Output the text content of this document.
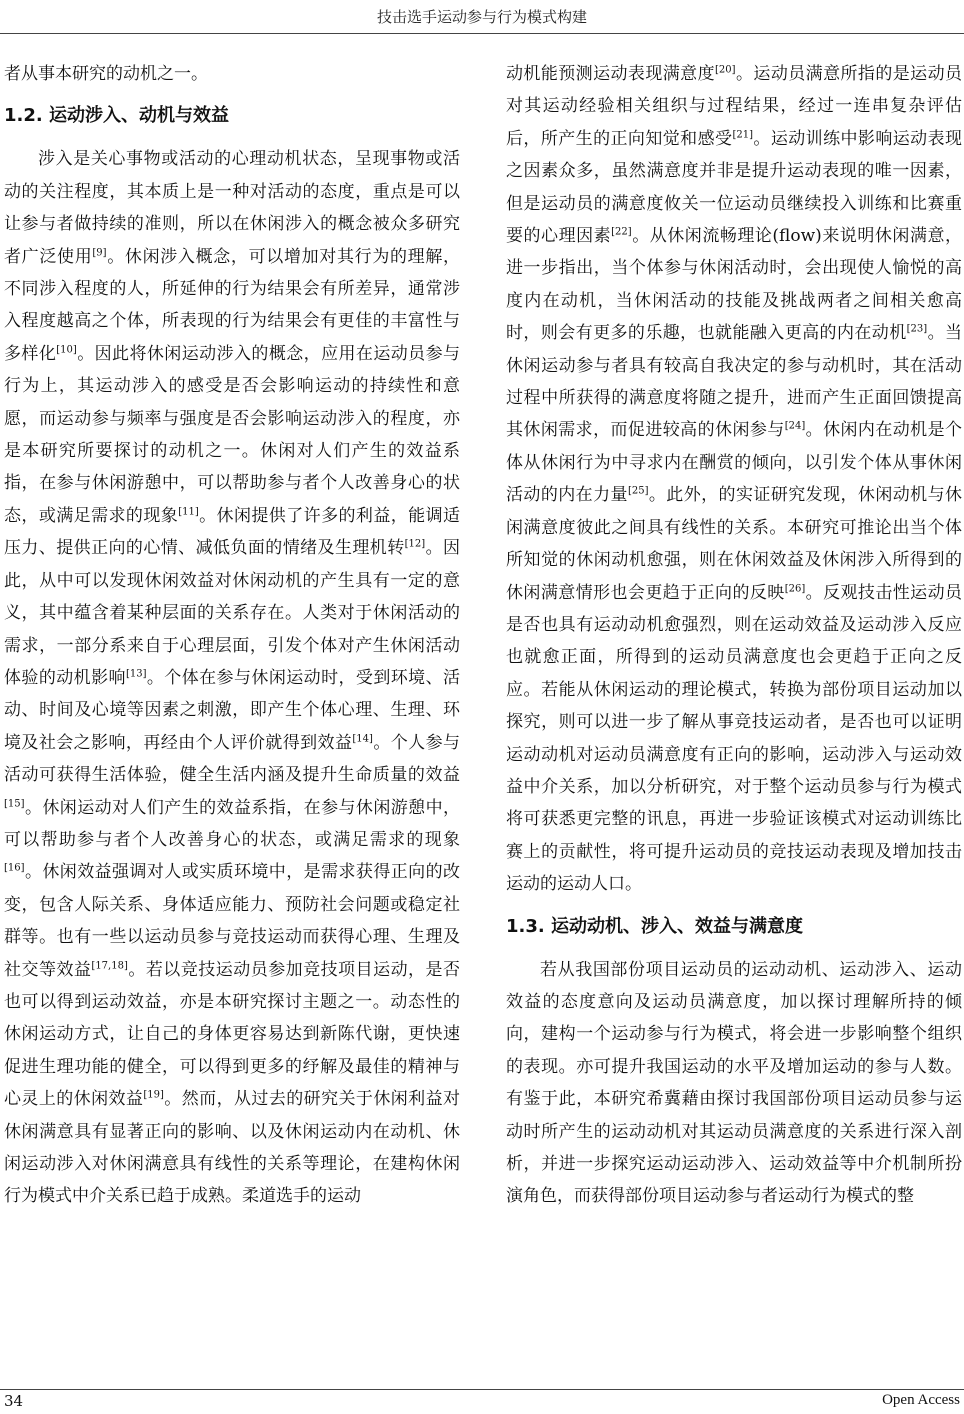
技击选手运动参与行为模式构建

者从事本研究的动机之一。

1.2. 运动涉入、动机与效益

涉入是关心事物或活动的心理动机状态，呈现事物或活动的关注程度，其本质上是一种对活动的态度，重点是可以让参与者做持续的准则，所以在休闲涉入的概念被众多研究者广泛使用[9]。休闲涉入概念，可以增加对其行为的理解，不同涉入程度的人，所延伸的行为结果会有所差异，通常涉入程度越高之个体，所表现的行为结果会有更佳的丰富性与多样化[10]。因此将休闲运动涉入的概念，应用在运动员参与行为上，其运动涉入的感受是否会影响运动的持续性和意愿，而运动参与频率与强度是否会影响运动涉入的程度，亦是本研究所要探讨的动机之一。休闲对人们产生的效益系指，在参与休闲游憩中，可以帮助参与者个人改善身心的状态，或满足需求的现象[11]。休闲提供了许多的利益，能调适压力、提供正向的心情、减低负面的情绪及生理机转[12]。因此，从中可以发现休闲效益对休闲动机的产生具有一定的意义，其中蕴含着某种层面的关系存在。人类对于休闲活动的需求，一部分系来自于心理层面，引发个体对产生休闲活动体验的动机影响[13]。个体在参与休闲运动时，受到环境、活动、时间及心境等因素之刺激，即产生个体心理、生理、环境及社会之影响，再经由个人评价就得到效益[14]。个人参与活动可获得生活体验，健全生活内涵及提升生命质量的效益[15]。休闲运动对人们产生的效益系指，在参与休闲游憩中，可以帮助参与者个人改善身心的状态，或满足需求的现象[16]。休闲效益强调对人或实质环境中，是需求获得正向的改变，包含人际关系、身体适应能力、预防社会问题或稳定社群等。也有一些以运动员参与竞技运动而获得心理、生理及社交等效益[17,18]。若以竞技运动员参加竞技项目运动，是否也可以得到运动效益，亦是本研究探讨主题之一。动态性的休闲运动方式，让自己的身体更容易达到新陈代谢，更快速促进生理功能的健全，可以得到更多的纾解及最佳的精神与心灵上的休闲效益[19]。然而，从过去的研究关于休闲利益对休闲满意具有显著正向的影响、以及休闲运动内在动机、休闲运动涉入对休闲满意具有线性的关系等理论，在建构休闲行为模式中介关系已趋于成熟。柔道选手的运动

动机能预测运动表现满意度[20]。运动员满意所指的是运动员对其运动经验相关组织与过程结果，经过一连串复杂评估后，所产生的正向知觉和感受[21]。运动训练中影响运动表现之因素众多，虽然满意度并非是提升运动表现的唯一因素，但是运动员的满意度攸关一位运动员继续投入训练和比赛重要的心理因素[22]。从休闲流畅理论(flow)来说明休闲满意，进一步指出，当个体参与休闲活动时，会出现使人愉悦的高度内在动机，当休闲活动的技能及挑战两者之间相关愈高时，则会有更多的乐趣，也就能融入更高的内在动机[23]。当休闲运动参与者具有较高自我决定的参与动机时，其在活动过程中所获得的满意度将随之提升，进而产生正面回馈提高其休闲需求，而促进较高的休闲参与[24]。休闲内在动机是个体从休闲行为中寻求内在酬赏的倾向，以引发个体从事休闲活动的内在力量[25]。此外，的实证研究发现，休闲动机与休闲满意度彼此之间具有线性的关系。本研究可推论出当个体所知觉的休闲动机愈强，则在休闲效益及休闲涉入所得到的休闲满意情形也会更趋于正向的反映[26]。反观技击性运动员是否也具有运动动机愈强烈，则在运动效益及运动涉入反应也就愈正面，所得到的运动员满意度也会更趋于正向之反应。若能从休闲运动的理论模式，转换为部份项目运动加以探究，则可以进一步了解从事竞技运动者，是否也可以证明运动动机对运动员满意度有正向的影响，运动涉入与运动效益中介关系，加以分析研究，对于整个运动员参与行为模式将可获悉更完整的讯息，再进一步验证该模式对运动训练比赛上的贡献性，将可提升运动员的竞技运动表现及增加技击运动的运动人口。

1.3. 运动动机、涉入、效益与满意度

若从我国部份项目运动员的运动动机、运动涉入、运动效益的态度意向及运动员满意度，加以探讨理解所持的倾向，建构一个运动参与行为模式，将会进一步影响整个组织的表现。亦可提升我国运动的水平及增加运动的参与人数。有鉴于此，本研究希冀藉由探讨我国部份项目运动员参与运动时所产生的运动动机对其运动员满意度的关系进行深入剖析，并进一步探究运动运动涉入、运动效益等中介机制所扮演角色，而获得部份项目运动参与者运动行为模式的整

34	Open Access
